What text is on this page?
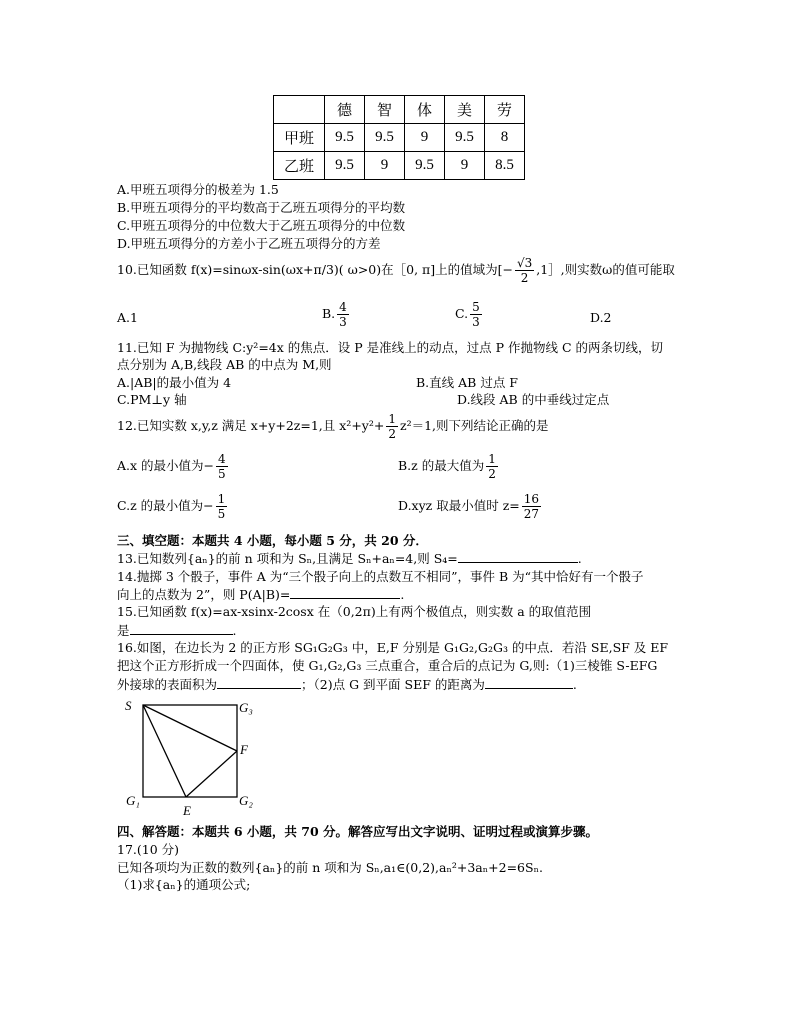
	德	智	体	美	劳
甲班	9.5	9.5	9	9.5	8
乙班	9.5	9	9.5	9	8.5
A.甲班五项得分的极差为 1.5
B.甲班五项得分的平均数高于乙班五项得分的平均数
C.甲班五项得分的中位数大于乙班五项得分的中位数
D.甲班五项得分的方差小于乙班五项得分的方差
10.已知函数 f(x)=sinωx-sin(ωx+π/3)( ω>0)在［0, π]上的值域为[− $\frac{√3}{2}$ ,1］,则实数ω的值可能取
A.1	B. $\frac{4}{3}$	C. $\frac{5}{3}$	D.2
11.已知 F 为抛物线 C:y²=4x 的焦点．设 P 是准线上的动点，过点 P 作抛物线 C 的两条切线，切
点分别为 A,B,线段 AB 的中点为 M,则
A.|AB|的最小值为 4	B.直线 AB 过点 F
C.PM⊥y 轴	D.线段 AB 的中垂线过定点
12.已知实数 x,y,z 满足 x+y+2z=1,且 $x^2+y^2+ \frac{1}{2} z^2=1$,则下列结论正确的是
A.x 的最小值为− $\frac{4}{5}$	B.z 的最大值为 $\frac{1}{2}$
C.z 的最小值为− $\frac{1}{5}$	D.xyz 取最小值时 $z= \frac{16}{27}$
三、填空题：本题共 4 小题，每小题 5 分，共 20 分．
13.已知数列{aₙ}的前 n 项和为 Sₙ,且满足 Sₙ+aₙ=4,则 S₄=	.
14.抛掷 3 个骰子，事件 A 为“三个骰子向上的点数互不相同”，事件 B 为“其中恰好有一个骰子
向上的点数为 2”，则 P(A|B)=	.
15.已知函数 f(x)=ax-xsinx-2cosx 在（0,2π)上有两个极值点，则实数 a 的取值范围
是	.
16.如图，在边长为 2 的正方形 SG₁G₂G₃ 中，E,F 分别是 G₁G₂,G₂G₃ 的中点．若沿 SE,SF 及 EF
把这个正方形折成一个四面体，使 G₁,G₂,G₃ 三点重合，重合后的点记为 G,则:（1)三棱锥 S-EFG
外接球的表面积为	；（2)点 G 到平面 SEF 的距离为	.
S	G₃
F
G₁
E
G₂
四、解答题：本题共 6 小题，共 70 分。解答应写出文字说明、证明过程或演算步骤。
17.(10 分)
已知各项均为正数的数列{aₙ}的前 n 项和为 Sₙ,a₁∈(0,2),aₙ²+3aₙ+2=6Sₙ.
（1)求{aₙ}的通项公式;
